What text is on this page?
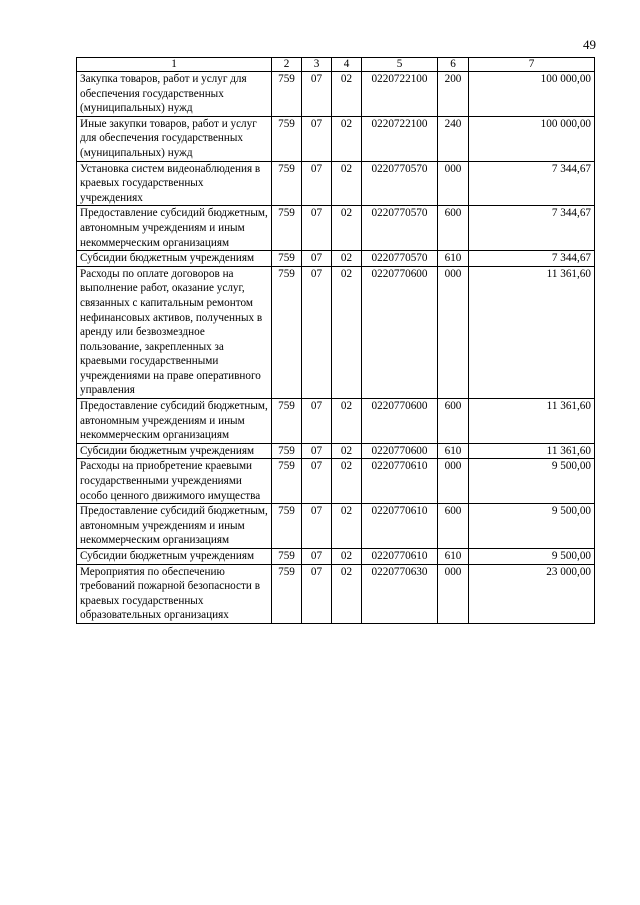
49
1	2	3	4	5	6	7
Закупка товаров, работ и услуг для обеспечения государственных (муниципальных) нужд	759	07	02	0220722100	200	100 000,00
Иные закупки товаров, работ и услуг для обеспечения государственных (муниципальных) нужд	759	07	02	0220722100	240	100 000,00
Установка систем видеонаблюдения в краевых государственных учреждениях	759	07	02	0220770570	000	7 344,67
Предоставление субсидий бюджетным, автономным учреждениям и иным некоммерческим организациям	759	07	02	0220770570	600	7 344,67
Субсидии бюджетным учреждениям	759	07	02	0220770570	610	7 344,67
Расходы по оплате договоров на выполнение работ, оказание услуг, связанных с капитальным ремонтом нефинансовых активов, полученных в аренду или безвозмездное пользование, закрепленных за краевыми государственными учреждениями на праве оперативного управления	759	07	02	0220770600	000	11 361,60
Предоставление субсидий бюджетным, автономным учреждениям и иным некоммерческим организациям	759	07	02	0220770600	600	11 361,60
Субсидии бюджетным учреждениям	759	07	02	0220770600	610	11 361,60
Расходы на приобретение краевыми государственными учреждениями особо ценного движимого имущества	759	07	02	0220770610	000	9 500,00
Предоставление субсидий бюджетным, автономным учреждениям и иным некоммерческим организациям	759	07	02	0220770610	600	9 500,00
Субсидии бюджетным учреждениям	759	07	02	0220770610	610	9 500,00
Мероприятия по обеспечению требований пожарной безопасности в краевых государственных образовательных организациях	759	07	02	0220770630	000	23 000,00
